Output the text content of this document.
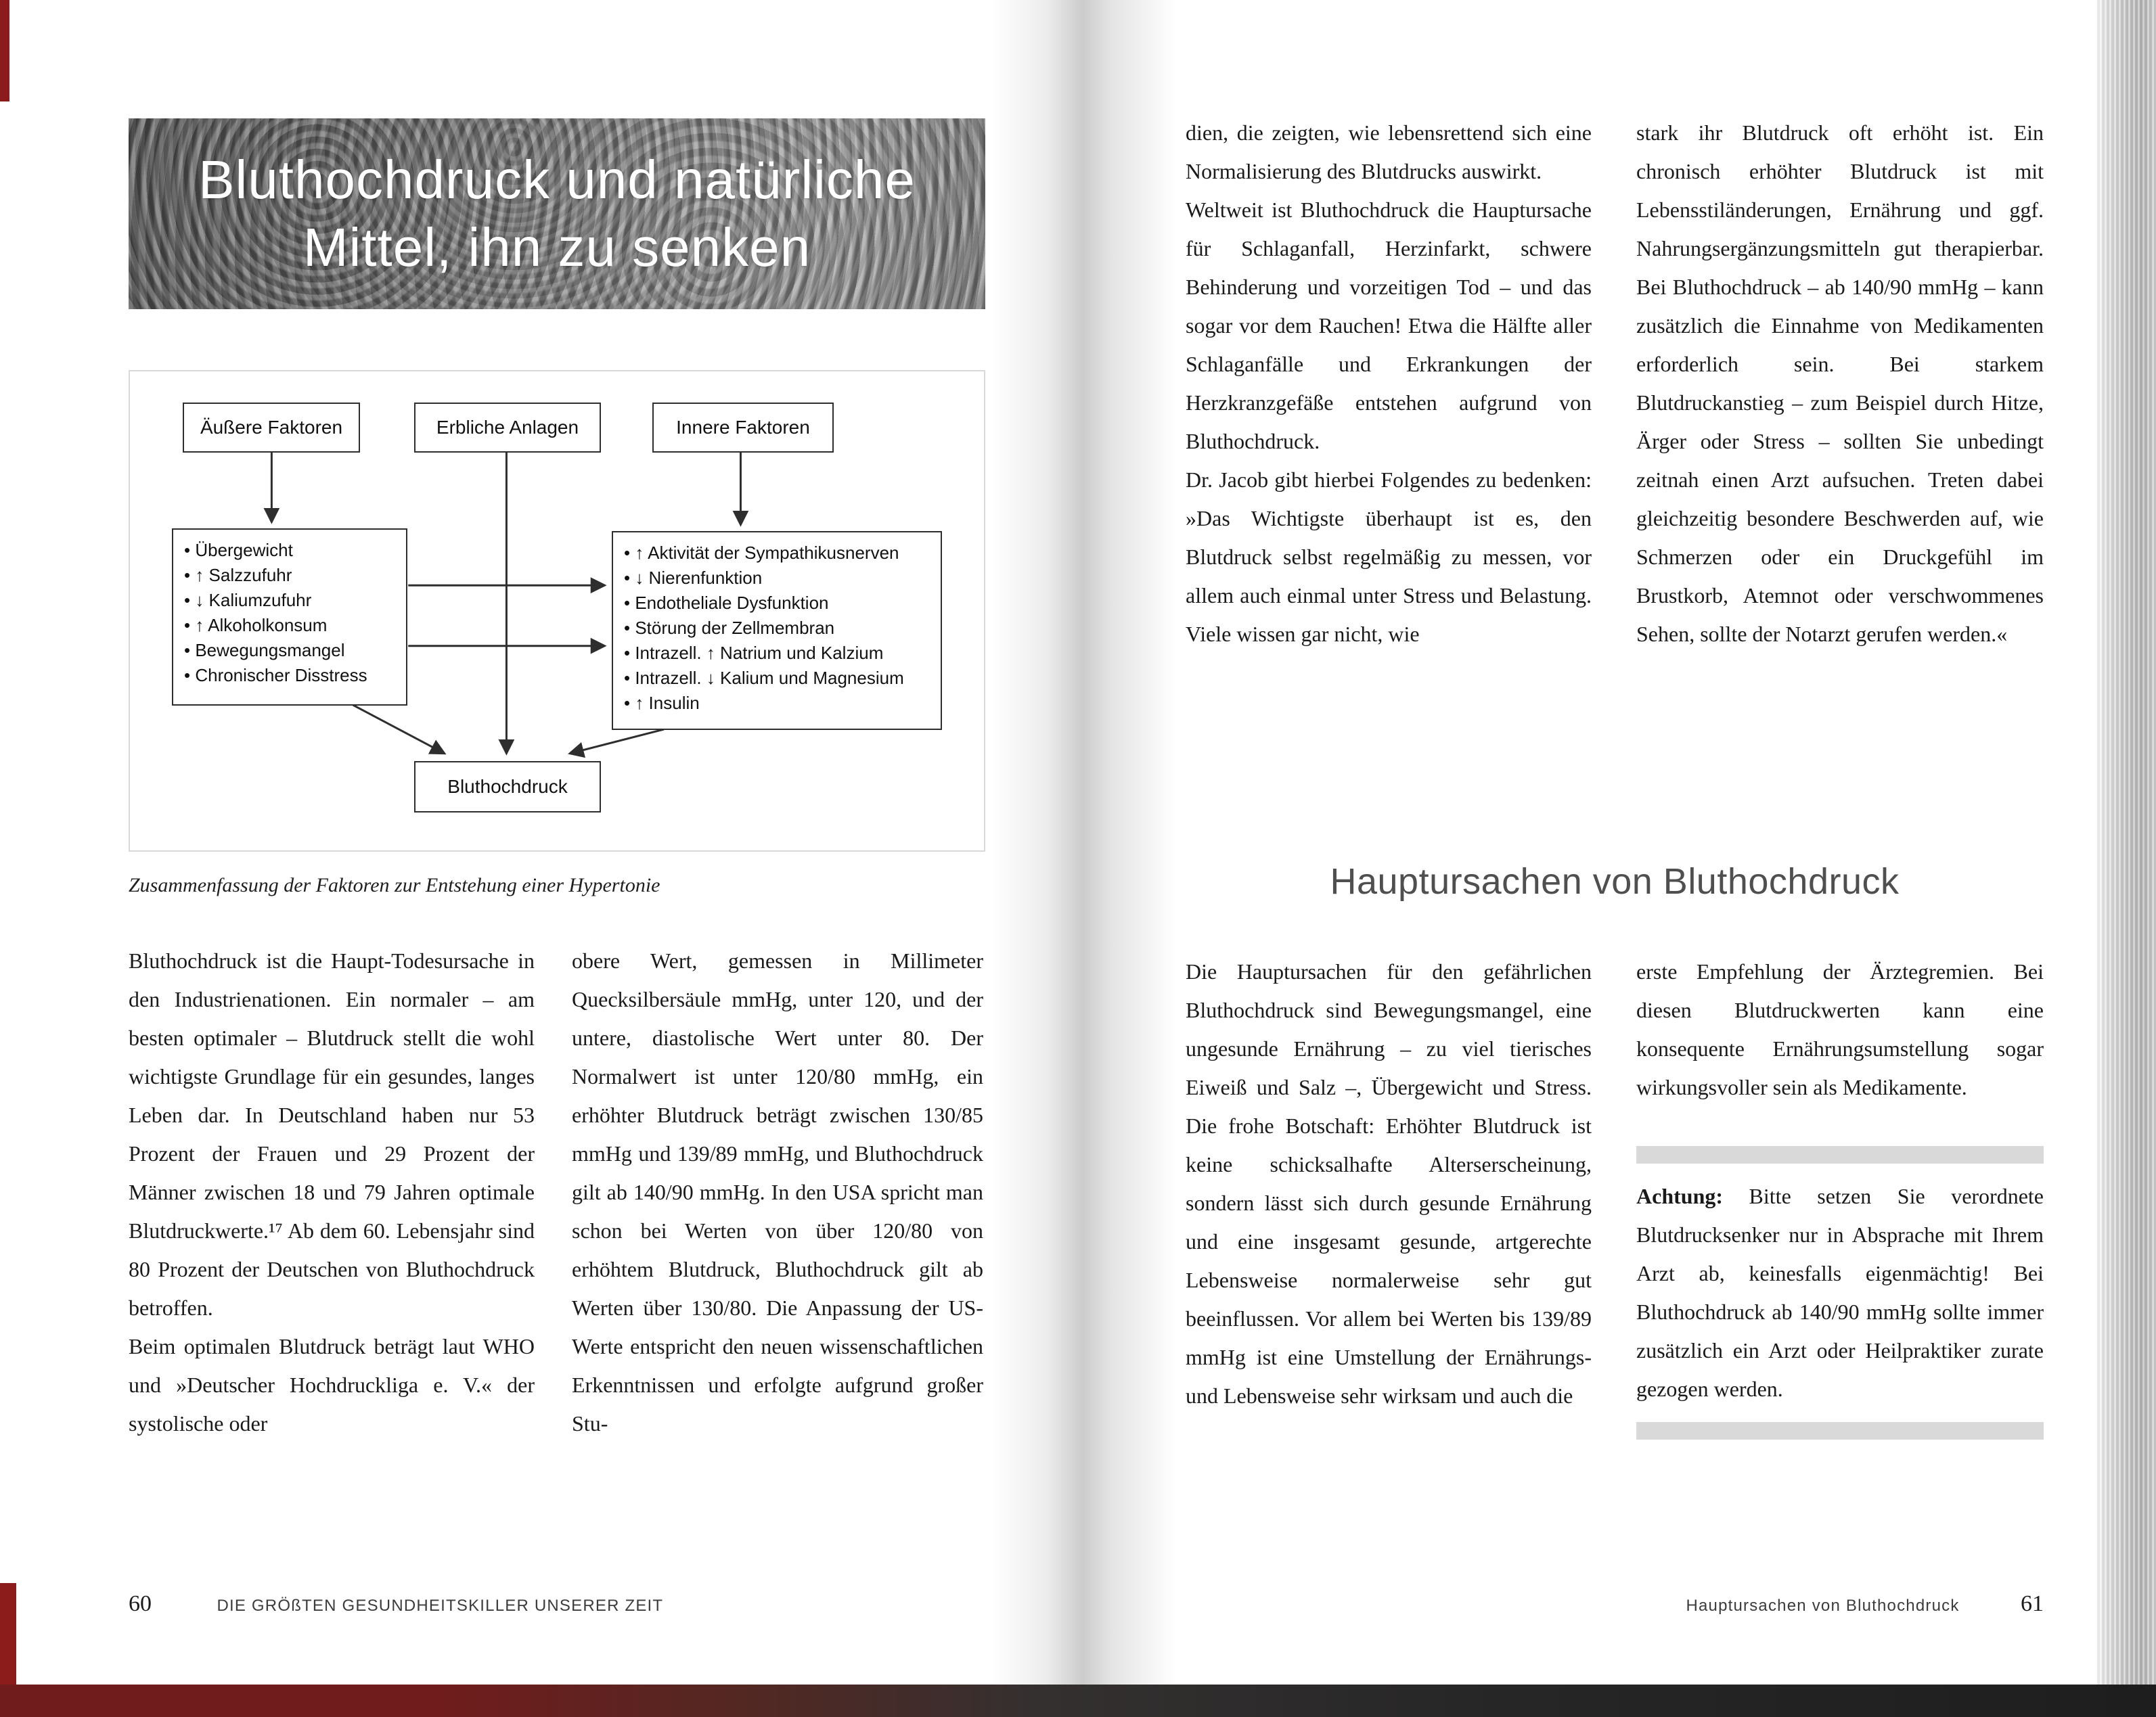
Bluthochdruck und natürliche
Mittel, ihn zu senken
Äußere Faktoren	Erbliche Anlagen	Innere Faktoren
• Übergewicht
• ↑ Salzzufuhr
• ↓ Kaliumzufuhr
• ↑ Alkoholkonsum
• Bewegungsmangel
• Chronischer Disstress
• ↑ Aktivität der Sympathikusnerven
• ↓ Nierenfunktion
• Endotheliale Dysfunktion
• Störung der Zellmembran
• Intrazell. ↑ Natrium und Kalzium
• Intrazell. ↓ Kalium und Magnesium
• ↑ Insulin
Bluthochdruck

Zusammenfassung der Faktoren zur Entstehung einer Hypertonie

Bluthochdruck ist die Haupt-Todesursache in den Industrienationen. Ein normaler – am besten optimaler – Blutdruck stellt die wohl wichtigste Grundlage für ein gesundes, langes Leben dar. In Deutschland haben nur 53 Prozent der Frauen und 29 Prozent der Männer zwischen 18 und 79 Jahren optimale Blutdruckwerte.¹⁷ Ab dem 60. Lebensjahr sind 80 Prozent der Deutschen von Bluthochdruck betroffen.

Beim optimalen Blutdruck beträgt laut WHO und »Deutscher Hochdruckliga e. V.« der systolische oder

obere Wert, gemessen in Millimeter Quecksilbersäule mmHg, unter 120, und der untere, diastolische Wert unter 80. Der Normalwert ist unter 120/80 mmHg, ein erhöhter Blutdruck beträgt zwischen 130/85 mmHg und 139/89 mmHg, und Bluthochdruck gilt ab 140/90 mmHg. In den USA spricht man schon bei Werten von über 120/80 von erhöhtem Blutdruck, Bluthochdruck gilt ab Werten über 130/80. Die Anpassung der US-Werte entspricht den neuen wissenschaftlichen Erkenntnissen und erfolgte aufgrund großer Stu-

60	DIE GRÖßTEN GESUNDHEITSKILLER UNSERER ZEIT

dien, die zeigten, wie lebensrettend sich eine Normalisierung des Blutdrucks auswirkt.

Weltweit ist Bluthochdruck die Hauptursache für Schlaganfall, Herzinfarkt, schwere Behinderung und vorzeitigen Tod – und das sogar vor dem Rauchen! Etwa die Hälfte aller Schlaganfälle und Erkrankungen der Herzkranzgefäße entstehen aufgrund von Bluthochdruck.

Dr. Jacob gibt hierbei Folgendes zu bedenken: »Das Wichtigste überhaupt ist es, den Blutdruck selbst regelmäßig zu messen, vor allem auch einmal unter Stress und Belastung. Viele wissen gar nicht, wie

stark ihr Blutdruck oft erhöht ist. Ein chronisch erhöhter Blutdruck ist mit Lebensstiländerungen, Ernährung und ggf. Nahrungsergänzungsmitteln gut therapierbar. Bei Bluthochdruck – ab 140/90 mmHg – kann zusätzlich die Einnahme von Medikamenten erforderlich sein. Bei starkem Blutdruckanstieg – zum Beispiel durch Hitze, Ärger oder Stress – sollten Sie unbedingt zeitnah einen Arzt aufsuchen. Treten dabei gleichzeitig besondere Beschwerden auf, wie Schmerzen oder ein Druckgefühl im Brustkorb, Atemnot oder verschwommenes Sehen, sollte der Notarzt gerufen werden.«

Hauptursachen von Bluthochdruck

Die Hauptursachen für den gefährlichen Bluthochdruck sind Bewegungsmangel, eine ungesunde Ernährung – zu viel tierisches Eiweiß und Salz –, Übergewicht und Stress. Die frohe Botschaft: Erhöhter Blutdruck ist keine schicksalhafte Alterserscheinung, sondern lässt sich durch gesunde Ernährung und eine insgesamt gesunde, artgerechte Lebensweise normalerweise sehr gut beeinflussen. Vor allem bei Werten bis 139/89 mmHg ist eine Umstellung der Ernährungs- und Lebensweise sehr wirksam und auch die

erste Empfehlung der Ärztegremien. Bei diesen Blutdruckwerten kann eine konsequente Ernährungsumstellung sogar wirkungsvoller sein als Medikamente.

Achtung: Bitte setzen Sie verordnete Blutdrucksenker nur in Absprache mit Ihrem Arzt ab, keinesfalls eigenmächtig! Bei Bluthochdruck ab 140/90 mmHg sollte immer zusätzlich ein Arzt oder Heilpraktiker zurate gezogen werden.

Hauptursachen von Bluthochdruck	61
